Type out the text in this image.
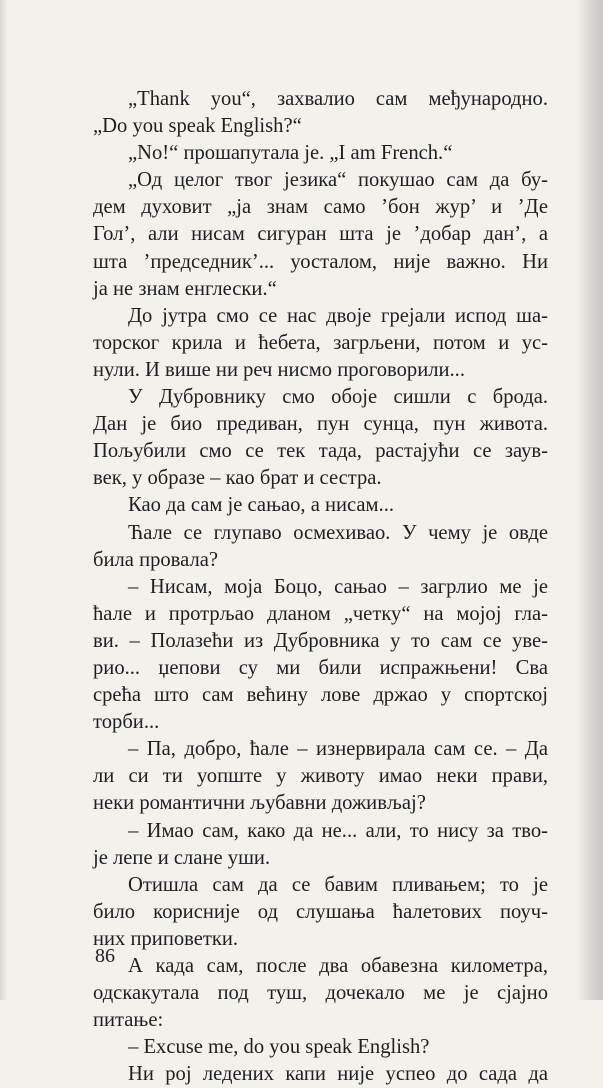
„Thank you“, захвалио сам међународно.
„Do you speak English?“
„No!“ прошапутала је. „I am French.“
„Од целог твог језика“ покушао сам да бу-
дем духовит „ја знам само ’бон жур’ и ’Де
Гол’, али нисам сигуран шта је ’добар дан’, а
шта ’председник’... уосталом, није важно. Ни
ја не знам енглески.“
До јутра смо се нас двоје грејали испод ша-
торског крила и ћебета, загрљени, потом и ус-
нули. И више ни реч нисмо проговорили...
У Дубровнику смо обоје сишли с брода.
Дан је био предиван, пун сунца, пун живота.
Пољубили смо се тек тада, растајући се заув-
век, у образе – као брат и сестра.
Као да сам је сањао, а нисам...
Ћале се глупаво осмехивао. У чему је овде
била провала?
– Нисам, моја Боцо, сањао – загрлио ме је
ћале и протрљао дланом „четку“ на мојој гла-
ви. – Полазећи из Дубровника у то сам се уве-
рио... џепови су ми били испражњени! Сва
срећа што сам већину лове држао у спортској
торби...
– Па, добро, ћале – изнервирала сам се. – Да
ли си ти уопште у животу имао неки прави,
неки романтични љубавни доживљај?
– Имао сам, како да не... али, то нису за тво-
је лепе и слане уши.
Отишла сам да се бавим пливањем; то је
било корисније од слушања ћалетових поуч-
них приповетки.
А када сам, после два обавезна километра,
одскакутала под туш, дочекало ме је сјајно
питање:
– Excuse me, do you speak English?
Ни рој ледених капи није успео до сада да
86
